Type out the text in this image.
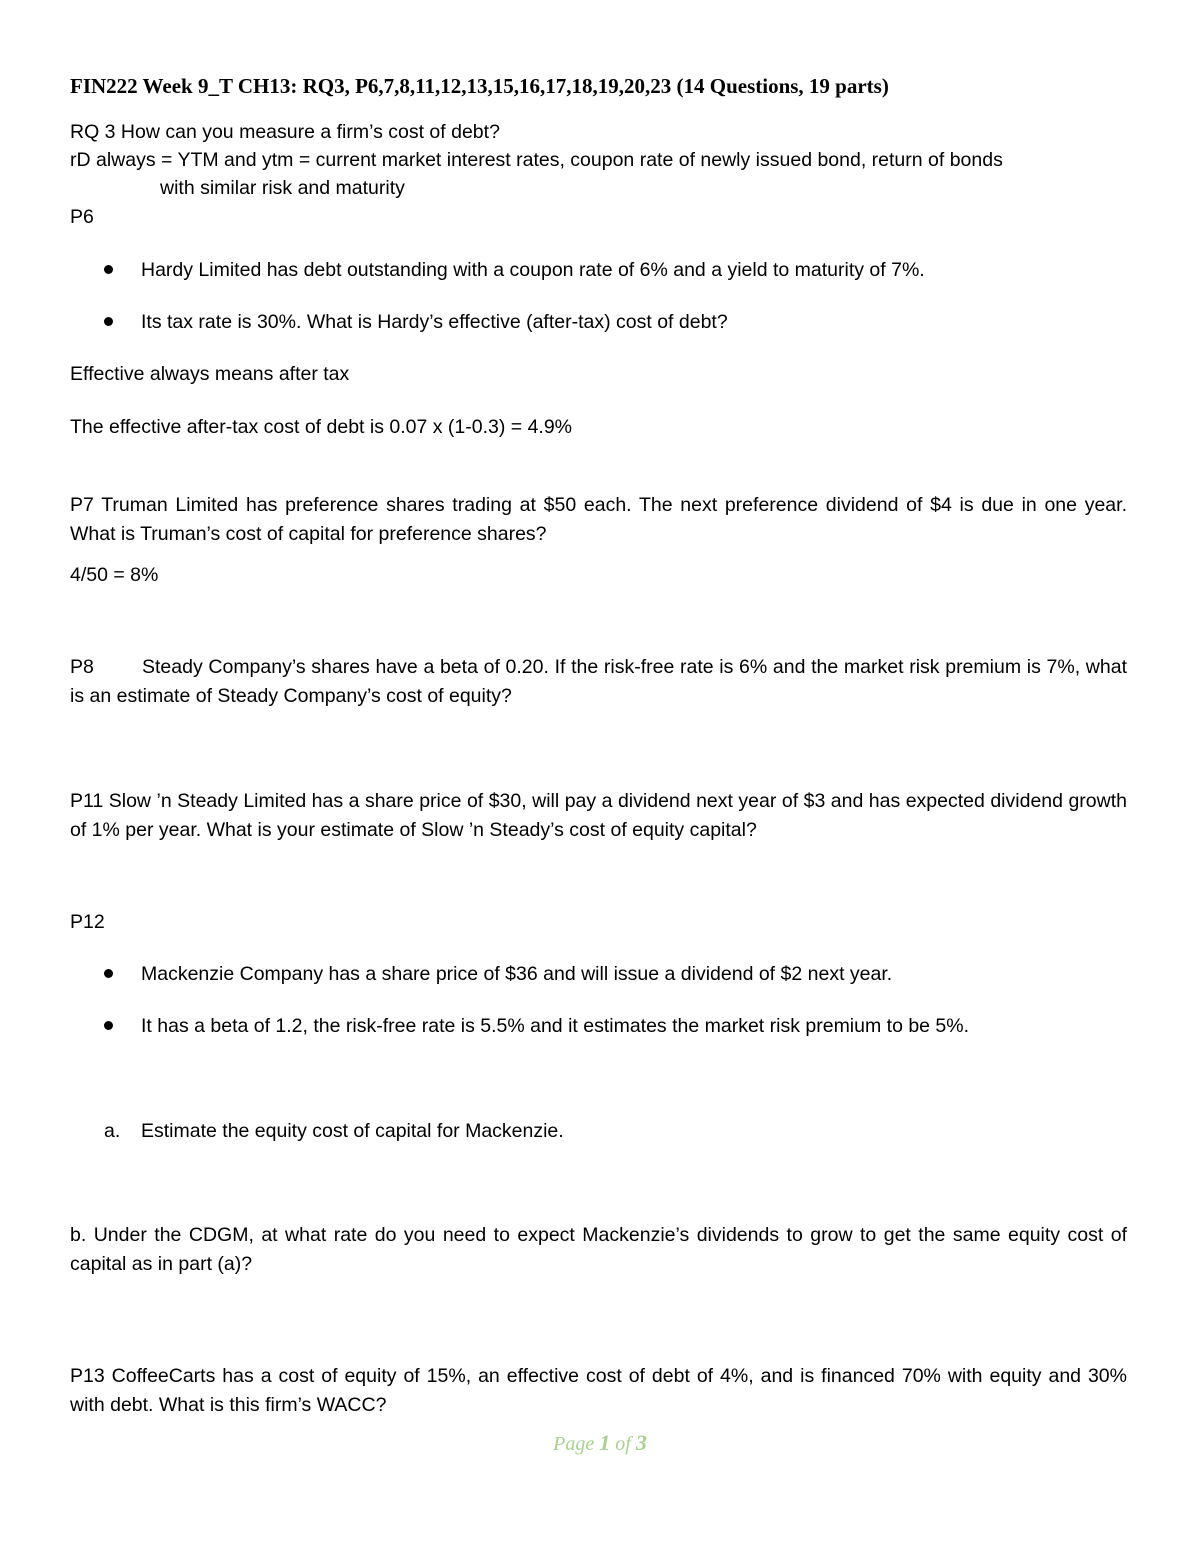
FIN222 Week 9_T CH13: RQ3, P6,7,8,11,12,13,15,16,17,18,19,20,23 (14 Questions, 19 parts)
RQ 3 How can you measure a firm’s cost of debt?
rD always = YTM and ytm = current market interest rates, coupon rate of newly issued bond, return of bonds
with similar risk and maturity
P6
Hardy Limited has debt outstanding with a coupon rate of 6% and a yield to maturity of 7%.
Its tax rate is 30%. What is Hardy’s effective (after-tax) cost of debt?
Effective always means after tax
The effective after-tax cost of debt is 0.07 x (1-0.3) = 4.9%
P7 Truman Limited has preference shares trading at $50 each. The next preference dividend of $4 is due in one year. What is Truman’s cost of capital for preference shares?
4/50 = 8%
P8 Steady Company’s shares have a beta of 0.20. If the risk-free rate is 6% and the market risk premium is 7%, what is an estimate of Steady Company’s cost of equity?
P11 Slow ’n Steady Limited has a share price of $30, will pay a dividend next year of $3 and has expected dividend growth of 1% per year. What is your estimate of Slow ’n Steady’s cost of equity capital?
P12
Mackenzie Company has a share price of $36 and will issue a dividend of $2 next year.
It has a beta of 1.2, the risk-free rate is 5.5% and it estimates the market risk premium to be 5%.
a. Estimate the equity cost of capital for Mackenzie.
b. Under the CDGM, at what rate do you need to expect Mackenzie’s dividends to grow to get the same equity cost of capital as in part (a)?
P13 CoffeeCarts has a cost of equity of 15%, an effective cost of debt of 4%, and is financed 70% with equity and 30% with debt. What is this firm’s WACC?
Page 1 of 3
